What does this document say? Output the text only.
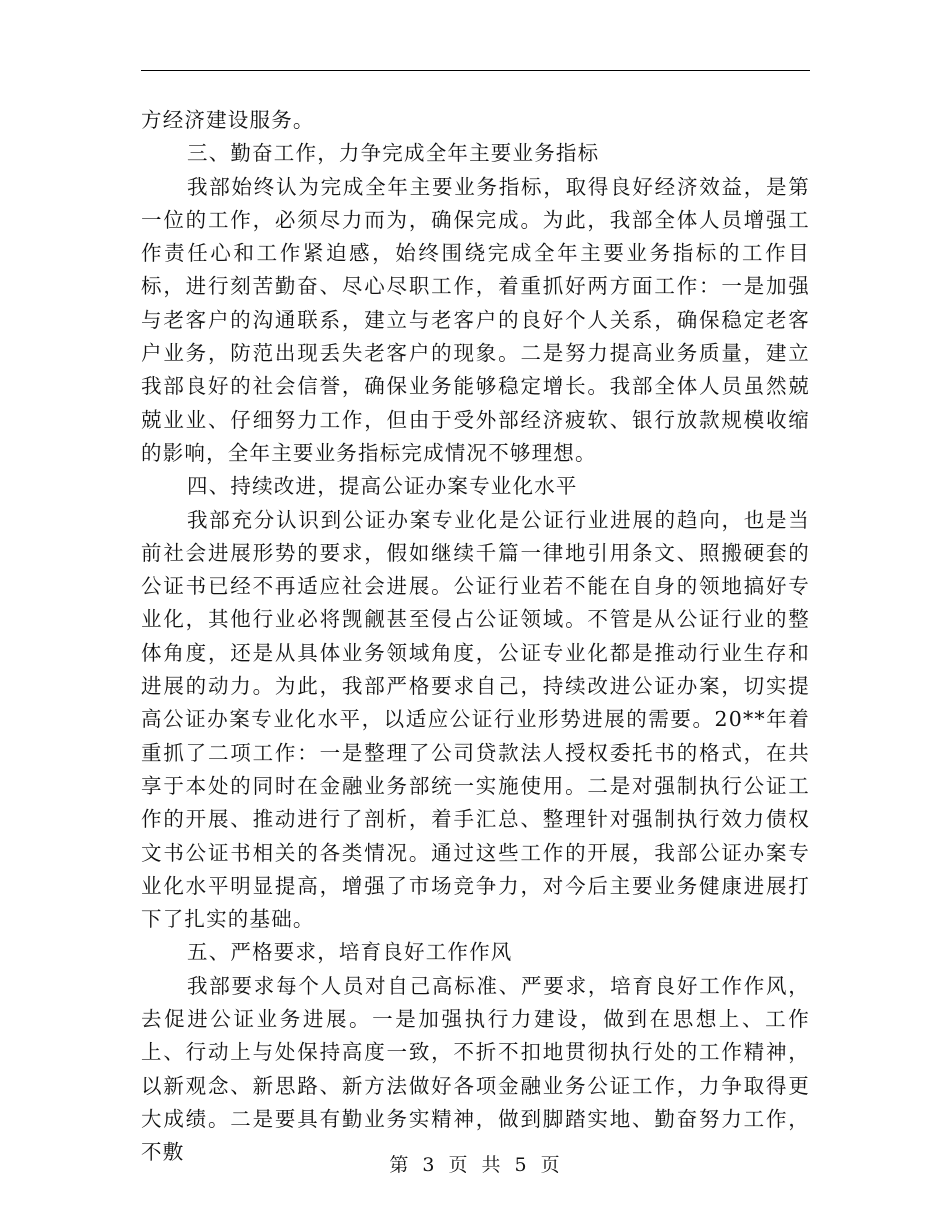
方经济建设服务。

三、勤奋工作，力争完成全年主要业务指标

我部始终认为完成全年主要业务指标，取得良好经济效益，是第一位的工作，必须尽力而为，确保完成。为此，我部全体人员增强工作责任心和工作紧迫感，始终围绕完成全年主要业务指标的工作目标，进行刻苦勤奋、尽心尽职工作，着重抓好两方面工作：一是加强与老客户的沟通联系，建立与老客户的良好个人关系，确保稳定老客户业务，防范出现丢失老客户的现象。二是努力提高业务质量，建立我部良好的社会信誉，确保业务能够稳定增长。我部全体人员虽然兢兢业业、仔细努力工作，但由于受外部经济疲软、银行放款规模收缩的影响，全年主要业务指标完成情况不够理想。

四、持续改进，提高公证办案专业化水平

我部充分认识到公证办案专业化是公证行业进展的趋向，也是当前社会进展形势的要求，假如继续千篇一律地引用条文、照搬硬套的公证书已经不再适应社会进展。公证行业若不能在自身的领地搞好专业化，其他行业必将觊觎甚至侵占公证领域。不管是从公证行业的整体角度，还是从具体业务领域角度，公证专业化都是推动行业生存和进展的动力。为此，我部严格要求自己，持续改进公证办案，切实提高公证办案专业化水平，以适应公证行业形势进展的需要。20**年着重抓了二项工作：一是整理了公司贷款法人授权委托书的格式，在共享于本处的同时在金融业务部统一实施使用。二是对强制执行公证工作的开展、推动进行了剖析，着手汇总、整理针对强制执行效力债权文书公证书相关的各类情况。通过这些工作的开展，我部公证办案专业化水平明显提高，增强了市场竞争力，对今后主要业务健康进展打下了扎实的基础。

五、严格要求，培育良好工作作风

我部要求每个人员对自己高标准、严要求，培育良好工作作风，去促进公证业务进展。一是加强执行力建设，做到在思想上、工作上、行动上与处保持高度一致，不折不扣地贯彻执行处的工作精神，以新观念、新思路、新方法做好各项金融业务公证工作，力争取得更大成绩。二是要具有勤业务实精神，做到脚踏实地、勤奋努力工作，不敷

第 3 页 共 5 页
